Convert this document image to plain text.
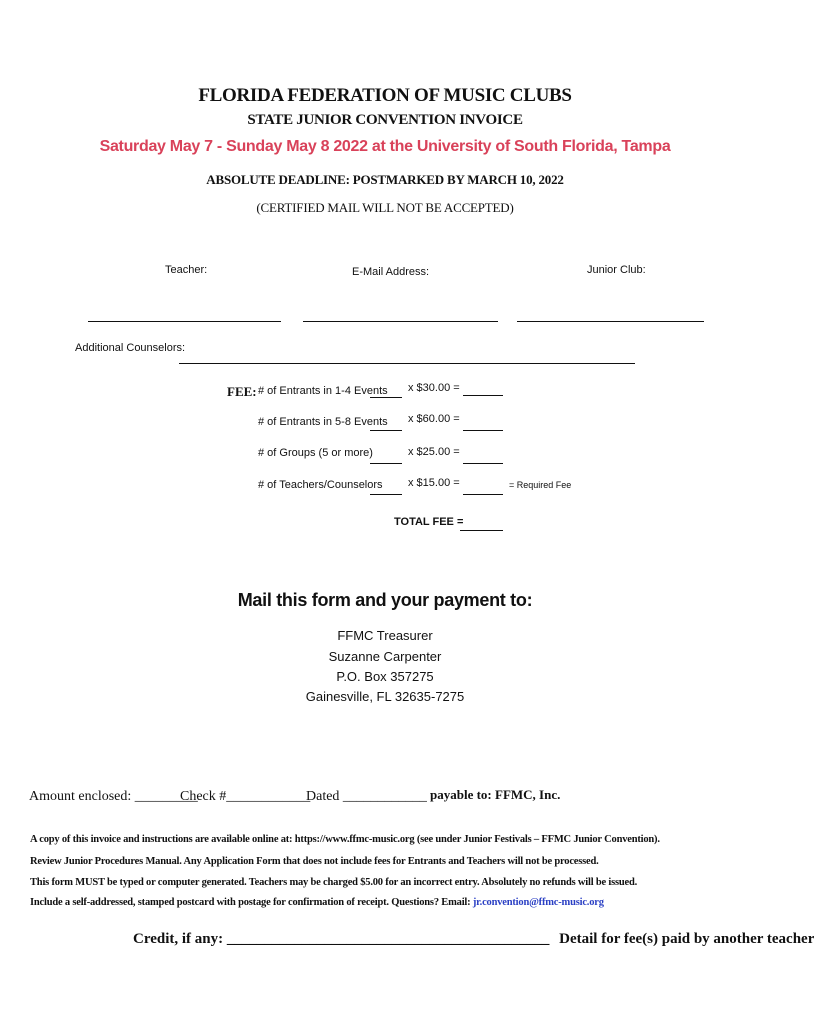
FLORIDA FEDERATION OF MUSIC CLUBS
STATE JUNIOR CONVENTION INVOICE
Saturday May 7 - Sunday May 8 2022 at the University of South Florida, Tampa
ABSOLUTE DEADLINE: POSTMARKED BY MARCH 10, 2022
(CERTIFIED MAIL WILL NOT BE ACCEPTED)
Teacher:	E-Mail Address:	Junior Club:
Additional Counselors:
FEE: # of Entrants in 1-4 Events x $30.00 =
# of Entrants in 5-8 Events x $60.00 =
# of Groups (5 or more)	x $25.00 =
# of Teachers/Counselors x $15.00 =	= Required Fee
TOTAL FEE =
Mail this form and your payment to:
FFMC Treasurer
Suzanne Carpenter
P.O. Box 357275
Gainesville, FL 32635-7275
Amount enclosed: _________
Check #____________
Dated ____________ payable to: FFMC, Inc.
A copy of this invoice and instructions are available online at: https://www.ffmc-music.org (see under Junior Festivals – FFMC Junior Convention).
Review Junior Procedures Manual. Any Application Form that does not include fees for Entrants and Teachers will not be processed.
This form MUST be typed or computer generated. Teachers may be charged $5.00 for an incorrect entry. Absolutely no refunds will be issued.
Include a self-addressed, stamped postcard with postage for confirmation of receipt. Questions? Email: jr.convention@ffmc-music.org
Credit, if any: ___________________________________________ Detail for fee(s) paid by another teacher
